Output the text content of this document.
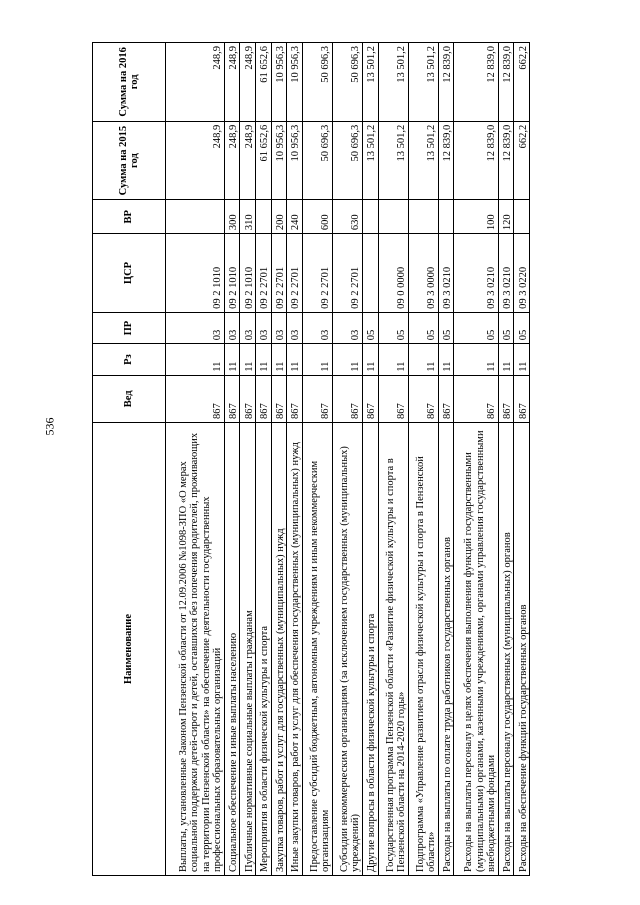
536
Наименование	Вед	Рз	ПР	ЦСР	ВР	Сумма на 2015 год	Сумма на 2016 год
Выплаты, установленные Законом Пензенской области от 12.09.2006 №1098-ЗПО «О мерах социальной поддержки детей-сирот и детей, оставшихся без попечения родителей, проживающих на территории Пензенской области» на обеспечение деятельности государственных профессиональных образовательных организаций	867	11	03	09 2 1010		248,9	248,9
Социальное обеспечение и иные выплаты населению	867	11	03	09 2 1010	300	248,9	248,9
Публичные нормативные социальные выплаты гражданам	867	11	03	09 2 1010	310	248,9	248,9
Мероприятия в области физической культуры и спорта	867	11	03	09 2 2701		61 652,6	61 652,6
Закупка товаров, работ и услуг для государственных (муниципальных) нужд	867	11	03	09 2 2701	200	10 956,3	10 956,3
Иные закупки товаров, работ и услуг для обеспечения государственных (муниципальных) нужд	867	11	03	09 2 2701	240	10 956,3	10 956,3
Предоставление субсидий бюджетным, автономным учреждениям и иным некоммерческим организациям	867	11	03	09 2 2701	600	50 696,3	50 696,3
Субсидии некоммерческим организациям (за исключением государственных (муниципальных) учреждений)	867	11	03	09 2 2701	630	50 696,3	50 696,3
Другие вопросы в области физической культуры и спорта	867	11	05			13 501,2	13 501,2
Государственная программа Пензенской области «Развитие физической культуры и спорта в Пензенской области на 2014-2020 годы»	867	11	05	09 0 0000		13 501,2	13 501,2
Подпрограмма «Управление развитием отрасли физической культуры и спорта в Пензенской области»	867	11	05	09 3 0000		13 501,2	13 501,2
Расходы на выплаты по оплате труда работников государственных органов	867	11	05	09 3 0210		12 839,0	12 839,0
Расходы на выплаты персоналу в целях обеспечения выполнения функций государственными (муниципальными) органами, казенными учреждениями, органами управления государственными внебюджетными фондами	867	11	05	09 3 0210	100	12 839,0	12 839,0
Расходы на выплаты персоналу государственных (муниципальных) органов	867	11	05	09 3 0210	120	12 839,0	12 839,0
Расходы на обеспечение функций государственных органов	867	11	05	09 3 0220		662,2	662,2
